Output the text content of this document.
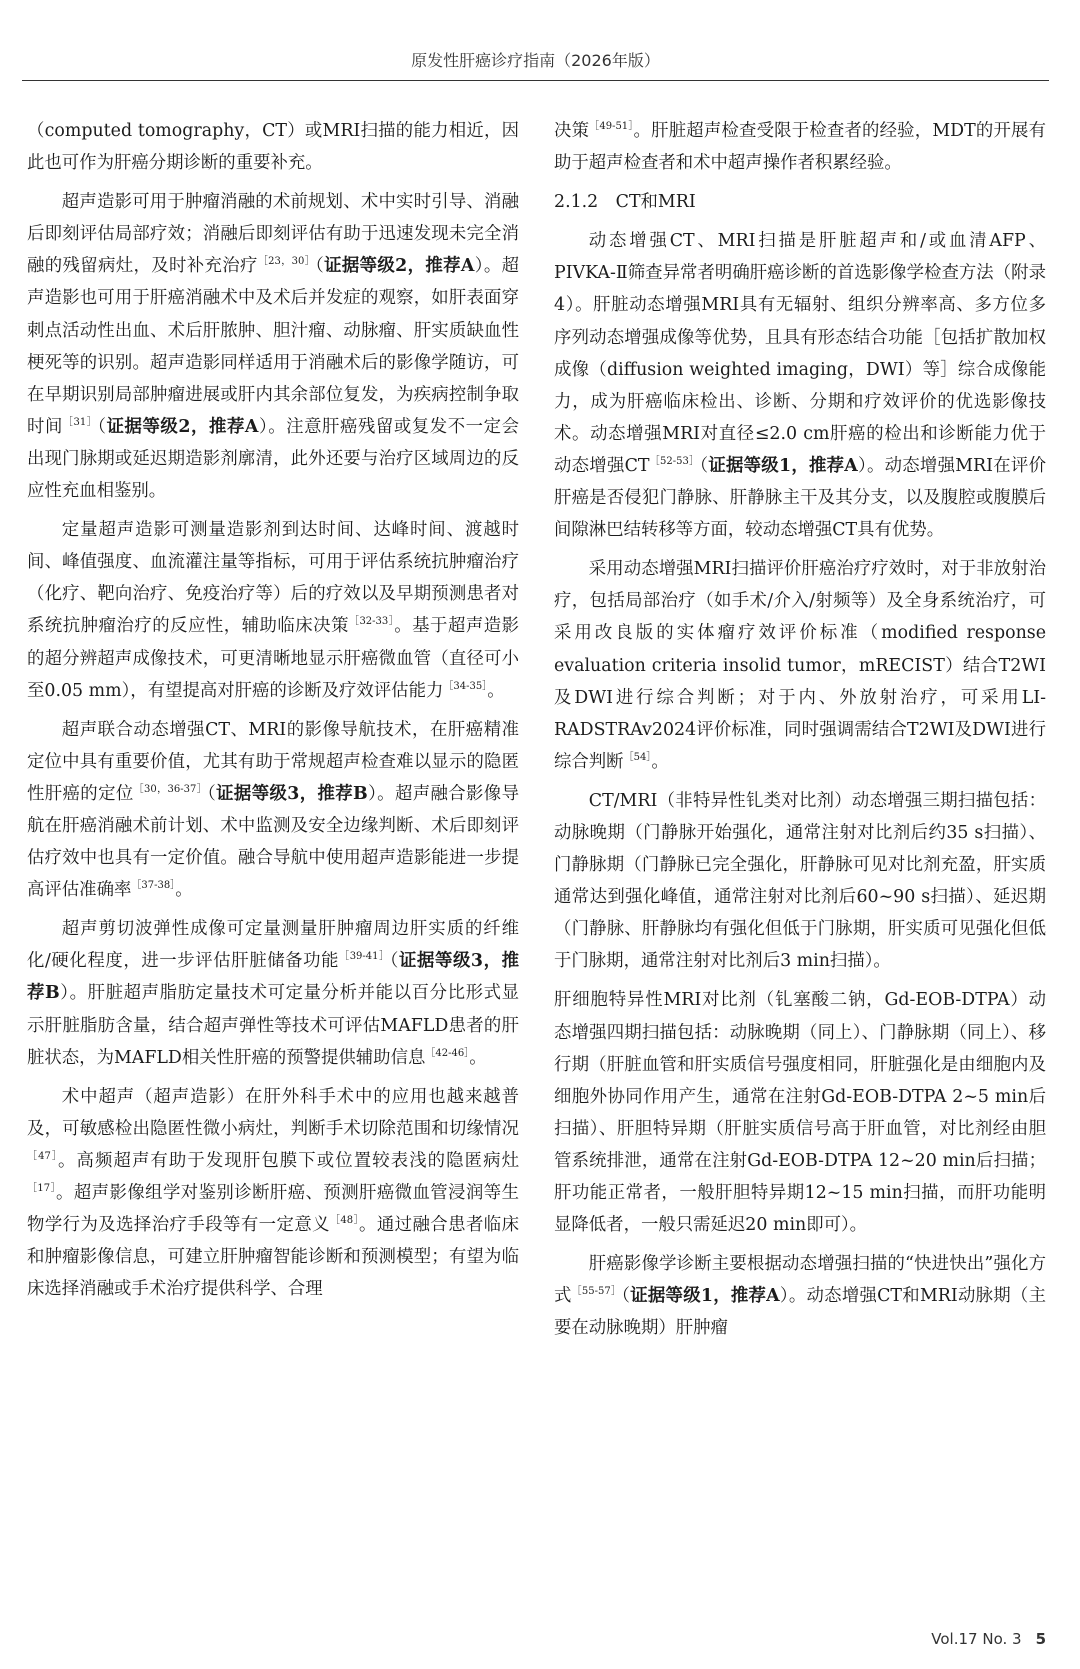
原发性肝癌诊疗指南（2026年版）

（computed tomography，CT）或MRI扫描的能力相近，因此也可作为肝癌分期诊断的重要补充。

超声造影可用于肿瘤消融的术前规划、术中实时引导、消融后即刻评估局部疗效；消融后即刻评估有助于迅速发现未完全消融的残留病灶，及时补充治疗$^{[23,30]}$（证据等级2，推荐A）。超声造影也可用于肝癌消融术中及术后并发症的观察，如肝表面穿刺点活动性出血、术后肝脓肿、胆汁瘤、动脉瘤、肝实质缺血性梗死等的识别。超声造影同样适用于消融术后的影像学随访，可在早期识别局部肿瘤进展或肝内其余部位复发，为疾病控制争取时间$^{[31]}$（证据等级2，推荐A）。注意肝癌残留或复发不一定会出现门脉期或延迟期造影剂廓清，此外还要与治疗区域周边的反应性充血相鉴别。

定量超声造影可测量造影剂到达时间、达峰时间、渡越时间、峰值强度、血流灌注量等指标，可用于评估系统抗肿瘤治疗（化疗、靶向治疗、免疫治疗等）后的疗效以及早期预测患者对系统抗肿瘤治疗的反应性，辅助临床决策$^{[32-33]}$。基于超声造影的超分辨超声成像技术，可更清晰地显示肝癌微血管（直径可小至0.05 mm），有望提高对肝癌的诊断及疗效评估能力$^{[34-35]}$。

超声联合动态增强CT、MRI的影像导航技术，在肝癌精准定位中具有重要价值，尤其有助于常规超声检查难以显示的隐匿性肝癌的定位$^{[30,36-37]}$（证据等级3，推荐B）。超声融合影像导航在肝癌消融术前计划、术中监测及安全边缘判断、术后即刻评估疗效中也具有一定价值。融合导航中使用超声造影能进一步提高评估准确率$^{[37-38]}$。

超声剪切波弹性成像可定量测量肝肿瘤周边肝实质的纤维化/硬化程度，进一步评估肝脏储备功能$^{[39-41]}$（证据等级3，推荐B）。肝脏超声脂肪定量技术可定量分析并能以百分比形式显示肝脏脂肪含量，结合超声弹性等技术可评估MAFLD患者的肝脏状态，为MAFLD相关性肝癌的预警提供辅助信息$^{[42-46]}$。

术中超声（超声造影）在肝外科手术中的应用也越来越普及，可敏感检出隐匿性微小病灶，判断手术切除范围和切缘情况$^{[47]}$。高频超声有助于发现肝包膜下或位置较表浅的隐匿病灶$^{[17]}$。超声影像组学对鉴别诊断肝癌、预测肝癌微血管浸润等生物学行为及选择治疗手段等有一定意义$^{[48]}$。通过融合患者临床和肿瘤影像信息，可建立肝肿瘤智能诊断和预测模型；有望为临床选择消融或手术治疗提供科学、合理

决策$^{[49-51]}$。肝脏超声检查受限于检查者的经验，MDT的开展有助于超声检查者和术中超声操作者积累经验。

2.1.2　CT和MRI

动态增强CT、MRI扫描是肝脏超声和/或血清AFP、PIVKA-Ⅱ筛查异常者明确肝癌诊断的首选影像学检查方法（附录4）。肝脏动态增强MRI具有无辐射、组织分辨率高、多方位多序列动态增强成像等优势，且具有形态结合功能［包括扩散加权成像（diffusion weighted imaging，DWI）等］综合成像能力，成为肝癌临床检出、诊断、分期和疗效评价的优选影像技术。动态增强MRI对直径≤2.0 cm肝癌的检出和诊断能力优于动态增强$CT^{[52-53]}$（证据等级1，推荐A）。动态增强MRI在评价肝癌是否侵犯门静脉、肝静脉主干及其分支，以及腹腔或腹膜后间隙淋巴结转移等方面，较动态增强CT具有优势。

采用动态增强MRI扫描评价肝癌治疗疗效时，对于非放射治疗，包括局部治疗（如手术/介入/射频等）及全身系统治疗，可采用改良版的实体瘤疗效评价标准（modified response evaluation criteria insolid tumor，mRECIST）结合T2WI及DWI进行综合判断；对于内、外放射治疗，可采用LI-RADSTRAv2024评价标准，同时强调需结合T2WI及DWI进行综合判断$^{[54]}$。

CT/MRI（非特异性钆类对比剂）动态增强三期扫描包括：动脉晚期（门静脉开始强化，通常注射对比剂后约35 s扫描）、门静脉期（门静脉已完全强化，肝静脉可见对比剂充盈，肝实质通常达到强化峰值，通常注射对比剂后60~90 s扫描）、延迟期（门静脉、肝静脉均有强化但低于门脉期，肝实质可见强化但低于门脉期，通常注射对比剂后3 min扫描）。

肝细胞特异性MRI对比剂（钆塞酸二钠，Gd-EOB-DTPA）动态增强四期扫描包括：动脉晚期（同上）、门静脉期（同上）、移行期（肝脏血管和肝实质信号强度相同，肝脏强化是由细胞内及细胞外协同作用产生，通常在注射Gd-EOB-DTPA 2~5 min后扫描）、肝胆特异期（肝脏实质信号高于肝血管，对比剂经由胆管系统排泄，通常在注射Gd-EOB-DTPA 12~20 min后扫描；肝功能正常者，一般肝胆特异期12~15 min扫描，而肝功能明显降低者，一般只需延迟20 min即可）。

肝癌影像学诊断主要根据动态增强扫描的“快进快出”强化方式$^{[55-57]}$（证据等级1，推荐A）。动态增强CT和MRI动脉期（主要在动脉晚期）肝肿瘤

Vol.17 No. 3 5
